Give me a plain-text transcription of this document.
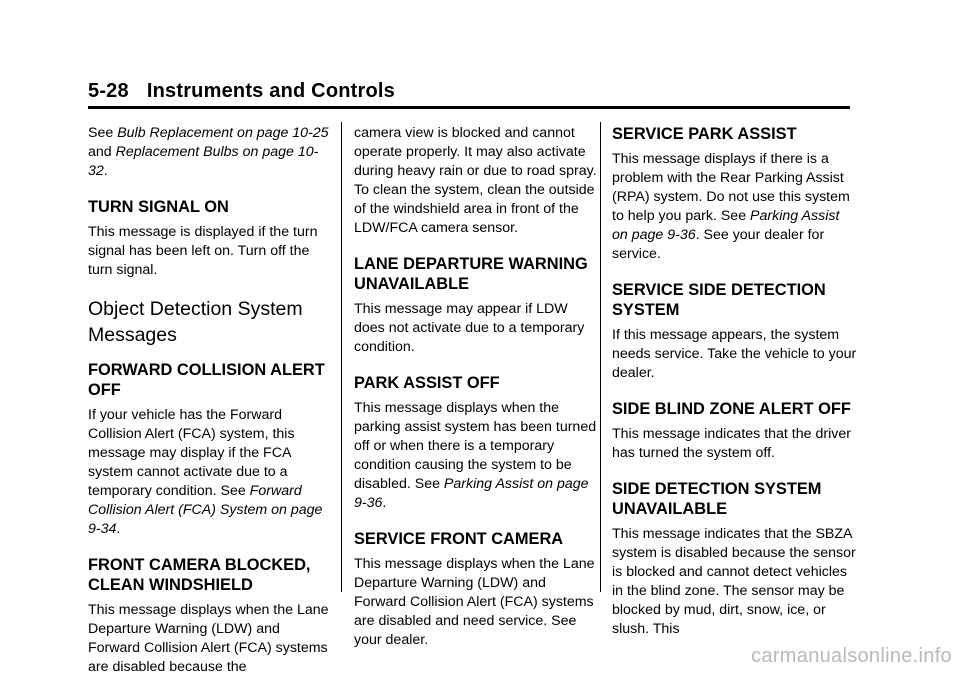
5-28 Instruments and Controls

See Bulb Replacement on page 10-25 and Replacement Bulbs on page 10-32.

TURN SIGNAL ON

This message is displayed if the turn signal has been left on. Turn off the turn signal.

Object Detection System Messages
FORWARD COLLISION ALERT OFF

If your vehicle has the Forward Collision Alert (FCA) system, this message may display if the FCA system cannot activate due to a temporary condition. See Forward Collision Alert (FCA) System on page 9-34.

FRONT CAMERA BLOCKED, CLEAN WINDSHIELD

This message displays when the Lane Departure Warning (LDW) and Forward Collision Alert (FCA) systems are disabled because the

camera view is blocked and cannot operate properly. It may also activate during heavy rain or due to road spray. To clean the system, clean the outside of the windshield area in front of the LDW/FCA camera sensor.

LANE DEPARTURE WARNING UNAVAILABLE

This message may appear if LDW does not activate due to a temporary condition.

PARK ASSIST OFF

This message displays when the parking assist system has been turned off or when there is a temporary condition causing the system to be disabled. See Parking Assist on page 9-36.

SERVICE FRONT CAMERA

This message displays when the Lane Departure Warning (LDW) and Forward Collision Alert (FCA) systems are disabled and need service. See your dealer.

SERVICE PARK ASSIST

This message displays if there is a problem with the Rear Parking Assist (RPA) system. Do not use this system to help you park. See Parking Assist on page 9-36. See your dealer for service.

SERVICE SIDE DETECTION SYSTEM

If this message appears, the system needs service. Take the vehicle to your dealer.

SIDE BLIND ZONE ALERT OFF

This message indicates that the driver has turned the system off.

SIDE DETECTION SYSTEM UNAVAILABLE

This message indicates that the SBZA system is disabled because the sensor is blocked and cannot detect vehicles in the blind zone. The sensor may be blocked by mud, dirt, snow, ice, or slush. This

carmanualsonline.info
